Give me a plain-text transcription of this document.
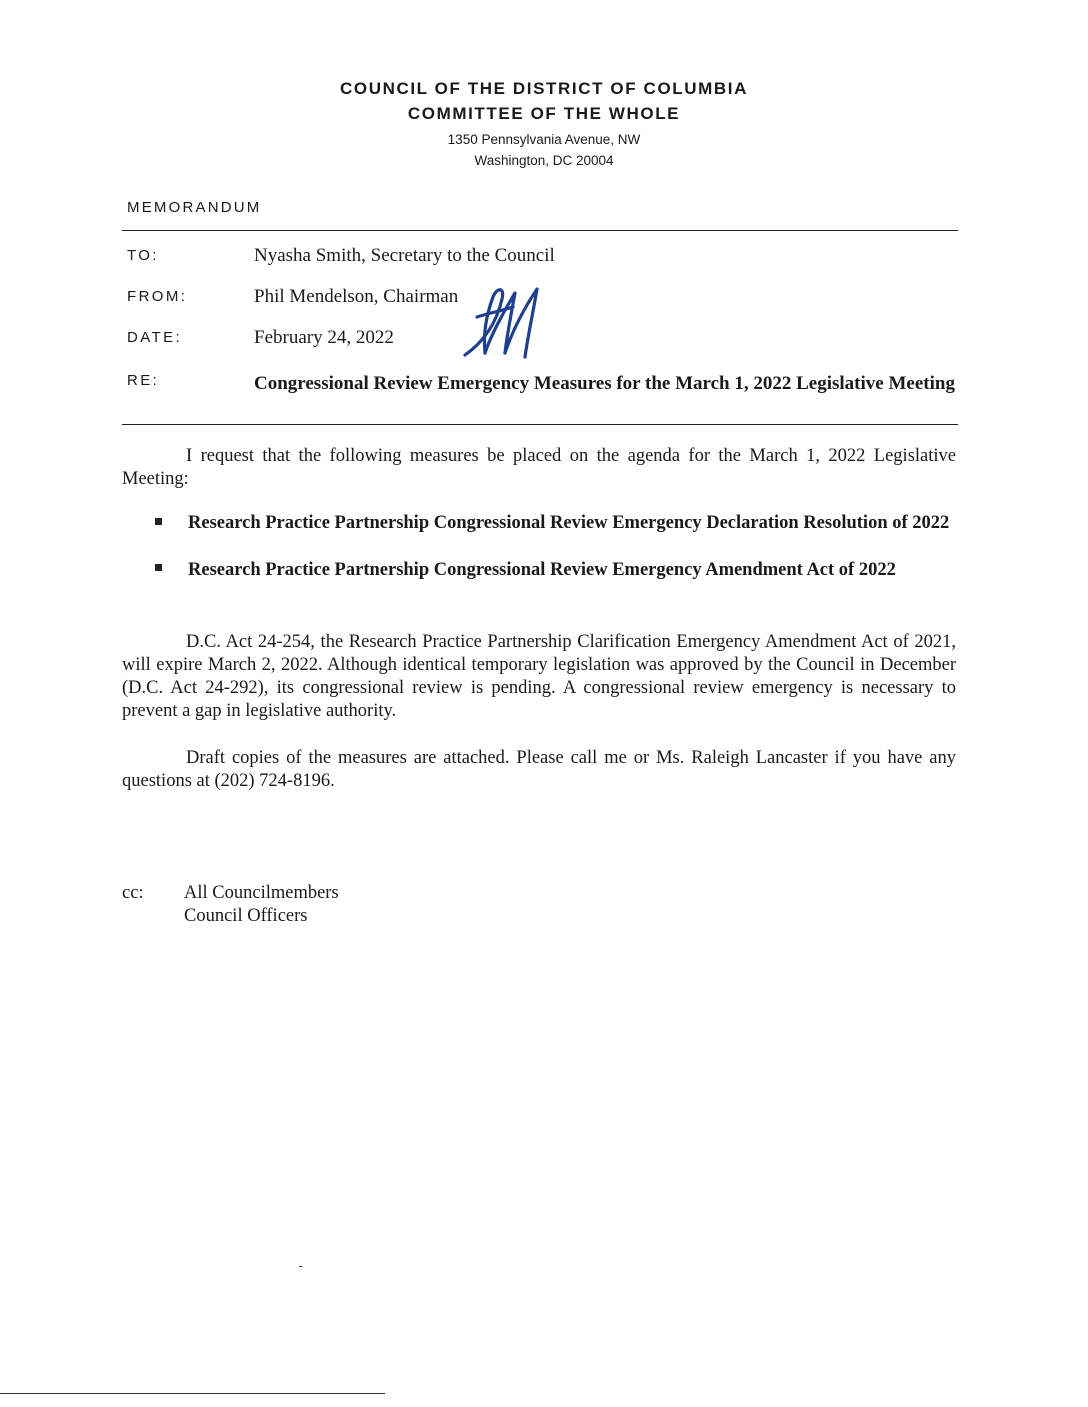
COUNCIL OF THE DISTRICT OF COLUMBIA
COMMITTEE OF THE WHOLE
1350 Pennsylvania Avenue, NW
Washington, DC 20004
MEMORANDUM
TO:	Nyasha Smith, Secretary to the Council
FROM:	Phil Mendelson, Chairman
DATE:	February 24, 2022
RE:	Congressional Review Emergency Measures for the March 1, 2022 Legislative Meeting
I request that the following measures be placed on the agenda for the March 1, 2022 Legislative Meeting:
Research Practice Partnership Congressional Review Emergency Declaration Resolution of 2022
Research Practice Partnership Congressional Review Emergency Amendment Act of 2022
D.C. Act 24-254, the Research Practice Partnership Clarification Emergency Amendment Act of 2021, will expire March 2, 2022. Although identical temporary legislation was approved by the Council in December (D.C. Act 24-292), its congressional review is pending. A congressional review emergency is necessary to prevent a gap in legislative authority.
Draft copies of the measures are attached. Please call me or Ms. Raleigh Lancaster if you have any questions at (202) 724-8196.
cc: All Councilmembers
Council Officers
